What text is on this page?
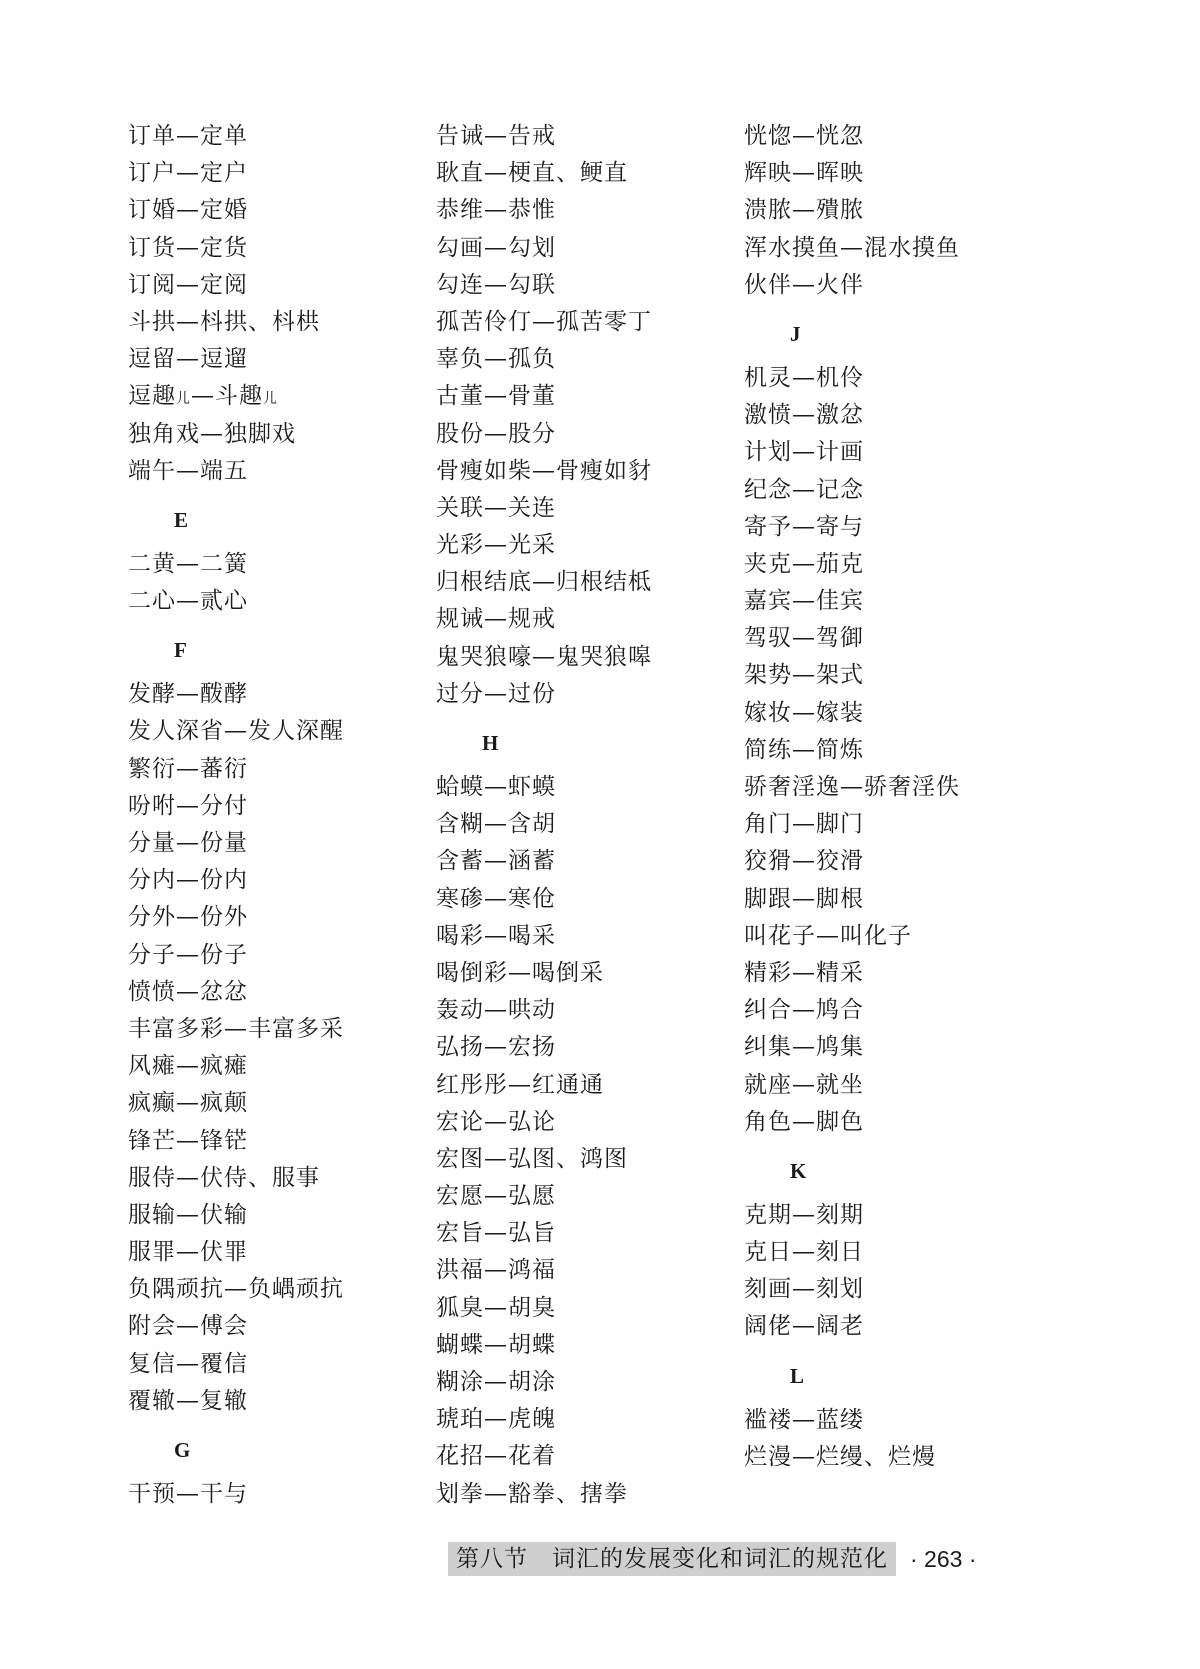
订单—定单
订户—定户
订婚—定婚
订货—定货
订阅—定阅
斗拱—枓拱、枓栱
逗留—逗遛
逗趣儿—斗趣儿
独角戏—独脚戏
端午—端五
E
二黄—二簧
二心—贰心
F
发酵—酦酵
发人深省—发人深醒
繁衍—蕃衍
吩咐—分付
分量—份量
分内—份内
分外—份外
分子—份子
愤愤—忿忿
丰富多彩—丰富多采
风瘫—疯瘫
疯癫—疯颠
锋芒—锋铓
服侍—伏侍、服事
服输—伏输
服罪—伏罪
负隅顽抗—负嵎顽抗
附会—傅会
复信—覆信
覆辙—复辙
G
干预—干与
告诫—告戒
耿直—梗直、鲠直
恭维—恭惟
勾画—勾划
勾连—勾联
孤苦伶仃—孤苦零丁
辜负—孤负
古董—骨董
股份—股分
骨瘦如柴—骨瘦如豺
关联—关连
光彩—光采
归根结底—归根结柢
规诫—规戒
鬼哭狼嚎—鬼哭狼嗥
过分—过份
H
蛤蟆—虾蟆
含糊—含胡
含蓄—涵蓄
寒碜—寒伧
喝彩—喝采
喝倒彩—喝倒采
轰动—哄动
弘扬—宏扬
红彤彤—红通通
宏论—弘论
宏图—弘图、鸿图
宏愿—弘愿
宏旨—弘旨
洪福—鸿福
狐臭—胡臭
蝴蝶—胡蝶
糊涂—胡涂
琥珀—虎魄
花招—花着
划拳—豁拳、搳拳
恍惚—恍忽
辉映—晖映
溃脓—殨脓
浑水摸鱼—混水摸鱼
伙伴—火伴
J
机灵—机伶
激愤—激忿
计划—计画
纪念—记念
寄予—寄与
夹克—茄克
嘉宾—佳宾
驾驭—驾御
架势—架式
嫁妆—嫁装
简练—简炼
骄奢淫逸—骄奢淫佚
角门—脚门
狡猾—狡滑
脚跟—脚根
叫花子—叫化子
精彩—精采
纠合—鸠合
纠集—鸠集
就座—就坐
角色—脚色
K
克期—刻期
克日—刻日
刻画—刻划
阔佬—阔老
L
褴褛—蓝缕
烂漫—烂缦、烂熳
第八节　词汇的发展变化和词汇的规范化 · 263 ·
